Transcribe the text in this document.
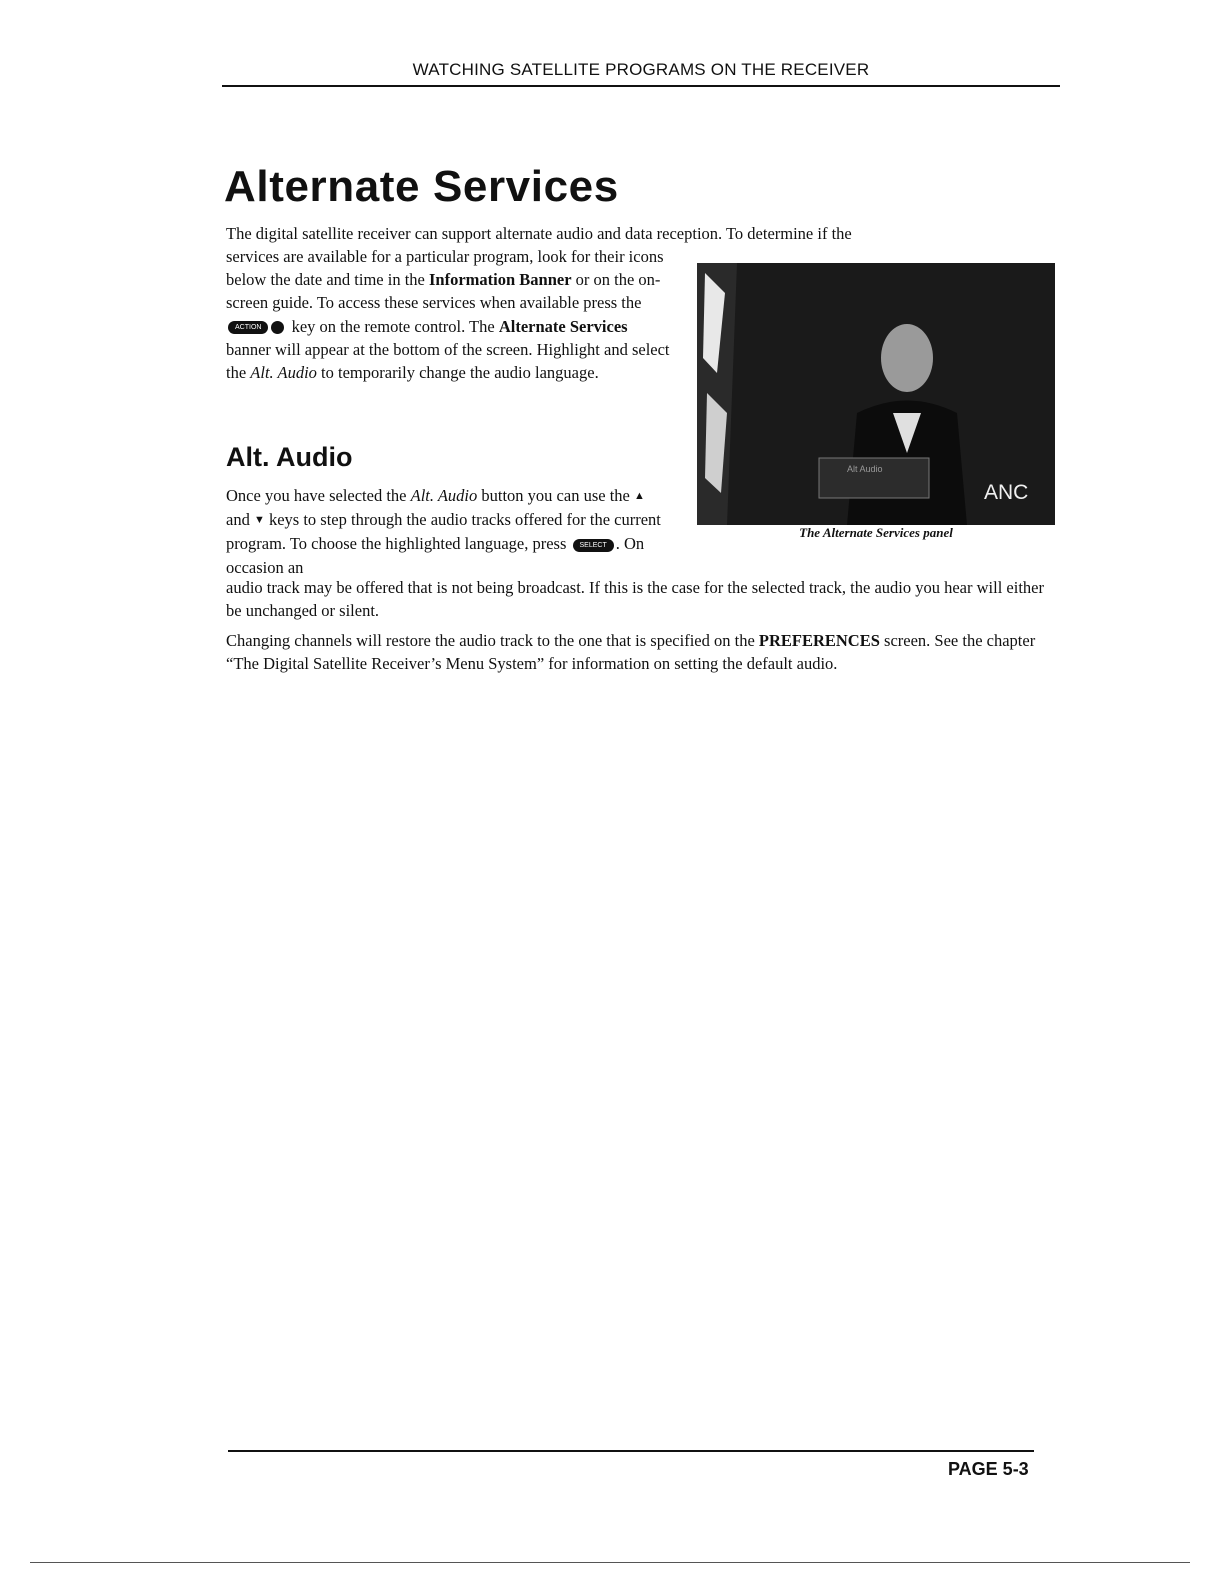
WATCHING SATELLITE PROGRAMS ON THE RECEIVER
Alternate Services

The digital satellite receiver can support alternate audio and data reception. To determine if the

services are available for a particular program, look for their icons below the date and time in the Information Banner or on the on-screen guide. To access these services when available press the ACTION key on the remote control. The Alternate Services banner will appear at the bottom of the screen. Highlight and select the Alt. Audio to temporarily change the audio language.

Alt. Audio

Once you have selected the Alt. Audio button you can use the ▲ and ▼ keys to step through the audio tracks offered for the current program. To choose the highlighted language, press SELECT . On occasion an

audio track may be offered that is not being broadcast. If this is the case for the selected track, the audio you hear will either be unchanged or silent.

Changing channels will restore the audio track to the one that is specified on the PREFERENCES screen. See the chapter “The Digital Satellite Receiver’s Menu System” for information on setting the default audio.

Alt Audio
ANC
The Alternate Services panel
PAGE 5-3
